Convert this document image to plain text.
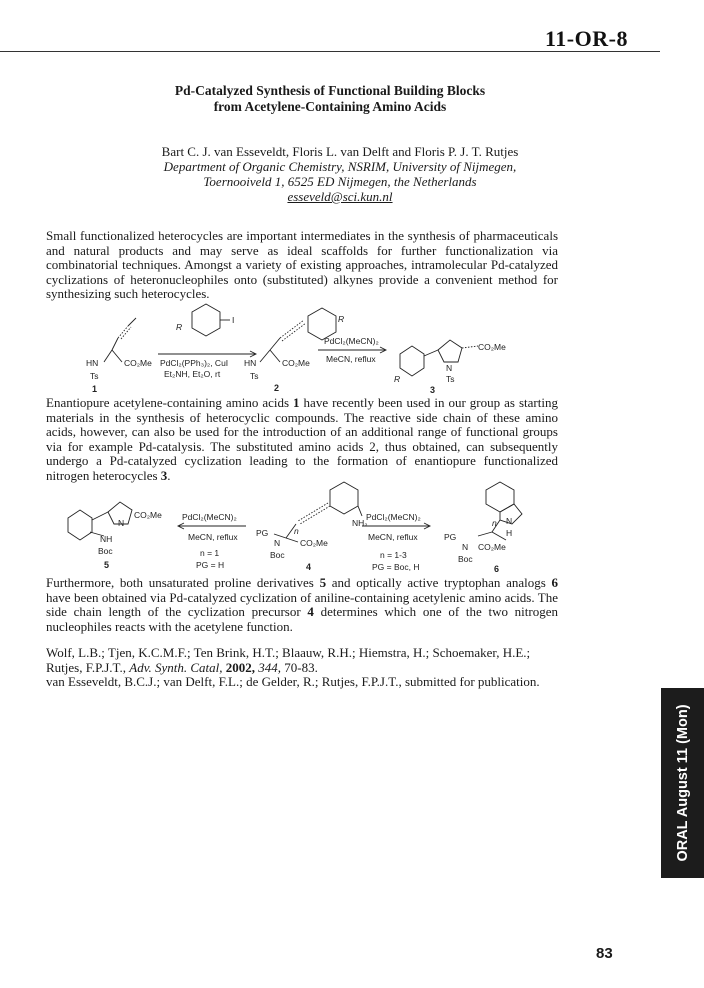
11-OR-8
Pd-Catalyzed Synthesis of Functional Building Blocks
from Acetylene-Containing Amino Acids
Bart C. J. van Esseveldt, Floris L. van Delft and Floris P. J. T. Rutjes
Department of Organic Chemistry, NSRIM, University of Nijmegen,
Toernooiveld 1, 6525 ED Nijmegen, the Netherlands
esseveld@sci.kun.nl
Small functionalized heterocycles are important intermediates in the synthesis of pharmaceuticals and natural products and may serve as ideal scaffolds for further functionalization via combinatorial techniques. Amongst a variety of existing approaches, intramolecular Pd-catalyzed cyclizations of heteronucleophiles onto (substituted) alkynes provide a convenient method for synthesizing such heterocycles.
HN	CO₂Me
Ts
1
R
I
PdCl₂(PPh₃)₂, CuI
Et₂NH, Et₂O, rt
R
HN	CO₂Me
Ts
2
PdCl₂(MeCN)₂
MeCN, reflux
N
CO₂Me
Ts
R
3
Enantiopure acetylene-containing amino acids 1 have recently been used in our group as starting materials in the synthesis of heterocyclic compounds. The reactive side chain of these amino acids, however, can also be used for the introduction of an additional range of functional groups via for example Pd-catalysis. The substituted amino acids 2, thus obtained, can subsequently undergo a Pd-catalyzed cyclization leading to the formation of enantiopure functionalized nitrogen heterocycles 3.
NH
N
CO₂Me
Boc
5
PdCl₂(MeCN)₂
MeCN, reflux
n = 1
PG = H
n
PG
N CO₂Me
Boc
NH₂
4
PdCl₂(MeCN)₂
MeCN, reflux
n = 1-3
PG = Boc, H
N
H
n
PG
N CO₂Me
Boc
6
Furthermore, both unsaturated proline derivatives 5 and optically active tryptophan analogs 6 have been obtained via Pd-catalyzed cyclization of aniline-containing acetylenic amino acids. The side chain length of the cyclization precursor 4 determines which one of the two nitrogen nucleophiles reacts with the acetylene function.

Wolf, L.B.; Tjen, K.C.M.F.; Ten Brink, H.T.; Blaauw, R.H.; Hiemstra, H.; Schoemaker, H.E.; Rutjes, F.P.J.T., Adv. Synth. Catal, 2002, 344, 70-83.

van Esseveldt, B.C.J.; van Delft, F.L.; de Gelder, R.; Rutjes, F.P.J.T., submitted for publication.

ORAL August 11 (Mon)
83
